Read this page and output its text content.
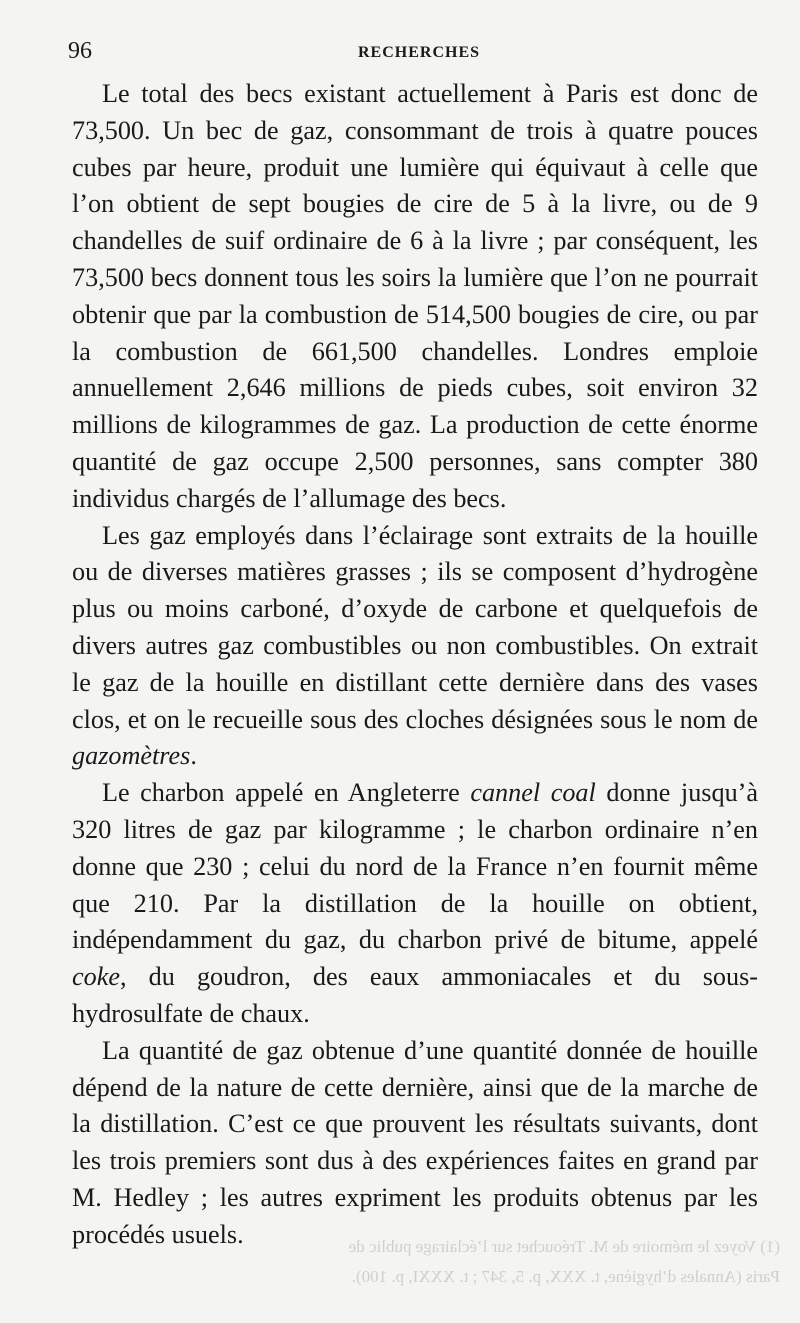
96	RECHERCHES

Le total des becs existant actuellement à Paris est donc de 73,500. Un bec de gaz, consommant de trois à quatre pouces cubes par heure, produit une lumière qui équivaut à celle que l’on obtient de sept bougies de cire de 5 à la livre, ou de 9 chandelles de suif ordinaire de 6 à la livre ; par conséquent, les 73,500 becs donnent tous les soirs la lumière que l’on ne pourrait obtenir que par la combustion de 514,500 bougies de cire, ou par la combustion de 661,500 chandelles. Londres emploie annuellement 2,646 millions de pieds cubes, soit environ 32 millions de kilogrammes de gaz. La production de cette énorme quantité de gaz occupe 2,500 personnes, sans compter 380 individus chargés de l’allumage des becs.

Les gaz employés dans l’éclairage sont extraits de la houille ou de diverses matières grasses ; ils se composent d’hydrogène plus ou moins carboné, d’oxyde de carbone et quelquefois de divers autres gaz combustibles ou non combustibles. On extrait le gaz de la houille en distillant cette dernière dans des vases clos, et on le recueille sous des cloches désignées sous le nom de gazomètres.

Le charbon appelé en Angleterre cannel coal donne jusqu’à 320 litres de gaz par kilogramme ; le charbon ordinaire n’en donne que 230 ; celui du nord de la France n’en fournit même que 210. Par la distillation de la houille on obtient, indépendamment du gaz, du charbon privé de bitume, appelé coke, du goudron, des eaux ammoniacales et du sous-hydrosulfate de chaux.

La quantité de gaz obtenue d’une quantité donnée de houille dépend de la nature de cette dernière, ainsi que de la marche de la distillation. C’est ce que prouvent les résultats suivants, dont les trois premiers sont dus à des expériences faites en grand par M. Hedley ; les autres expriment les produits obtenus par les procédés usuels.	(1) Voyez le mémoire de M. Tréouchet sur l’éclairage public de
Paris (Annales d’hygiène, t. XXX, p. 5, 347 ; t. XXXI, p. 100).
